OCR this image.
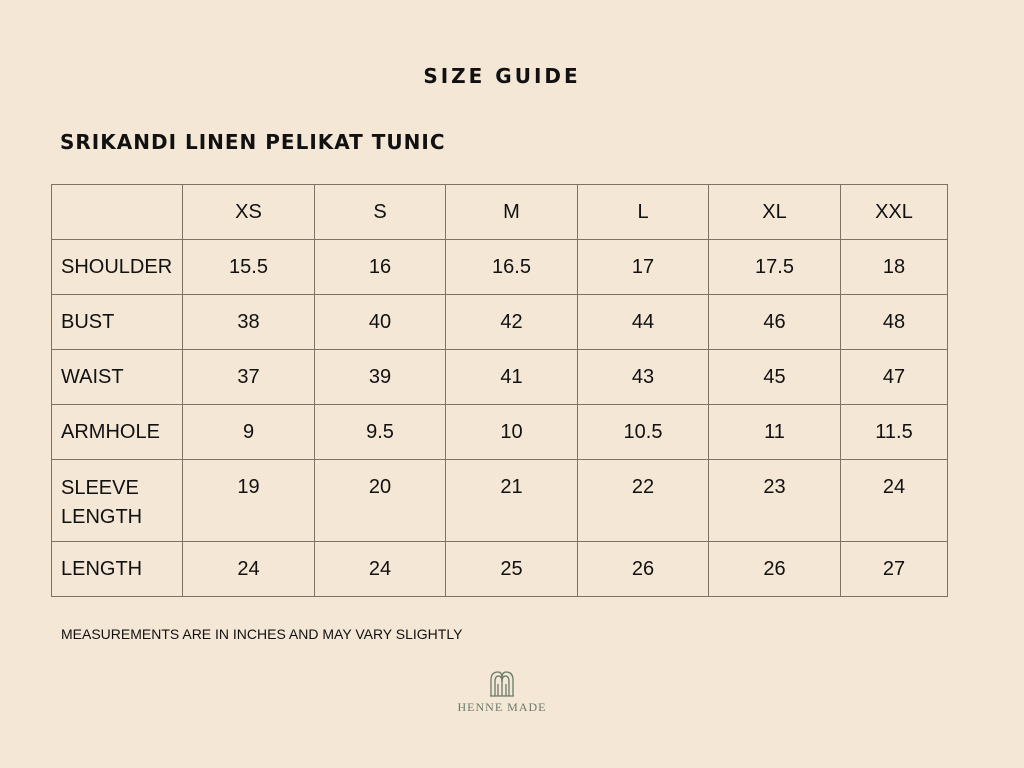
SIZE GUIDE
SRIKANDI LINEN PELIKAT TUNIC
	XS	S	M	L	XL	XXL
SHOULDER	15.5	16	16.5	17	17.5	18
BUST	38	40	42	44	46	48
WAIST	37	39	41	43	45	47
ARMHOLE	9	9.5	10	10.5	11	11.5
SLEEVE LENGTH	19	20	21	22	23	24
LENGTH	24	24	25	26	26	27
MEASUREMENTS ARE IN INCHES AND MAY VARY SLIGHTLY
HENNE MADE
